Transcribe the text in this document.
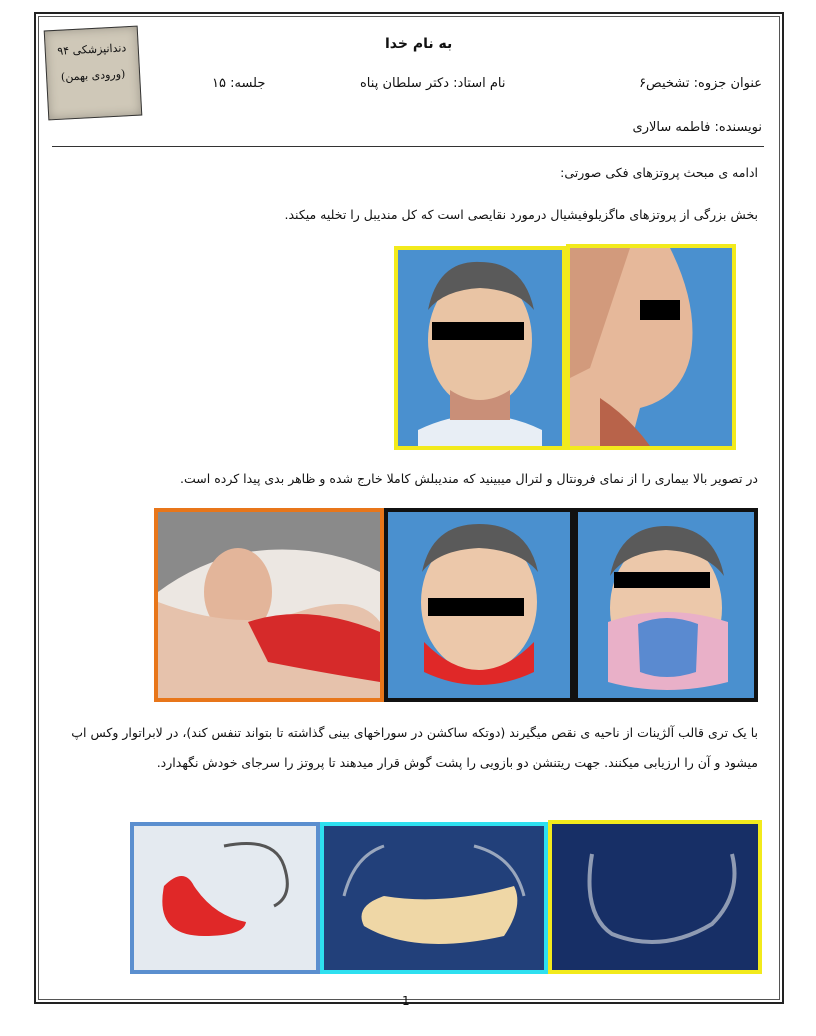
دندانپزشکی ۹۴
(ورودی بهمن)
به نام خدا
عنوان جزوه: تشخیص۶
نام استاد: دکتر سلطان پناه
جلسه: ۱۵
نویسنده: فاطمه سالاری
ادامه ی مبحث پروتزهای فکی صورتی:
بخش بزرگی از پروتزهای ماگزیلوفیشیال درمورد نقایصی است که کل مندیبل را تخلیه میکند.
در تصویر بالا بیماری را از نمای فرونتال و لترال میبینید که مندیبلش کاملا خارج شده و ظاهر بدی پیدا کرده است.
با یک تری قالب آلژینات از ناحیه ی نقص میگیرند (دوتکه ساکشن در سوراخهای بینی گذاشته تا بتواند تنفس کند)، در لابراتوار وکس اپ میشود و آن را ارزیابی میکنند. جهت ریتنشن دو بازویی را پشت گوش قرار میدهند تا پروتز را سرجای خودش نگهدارد.
1
